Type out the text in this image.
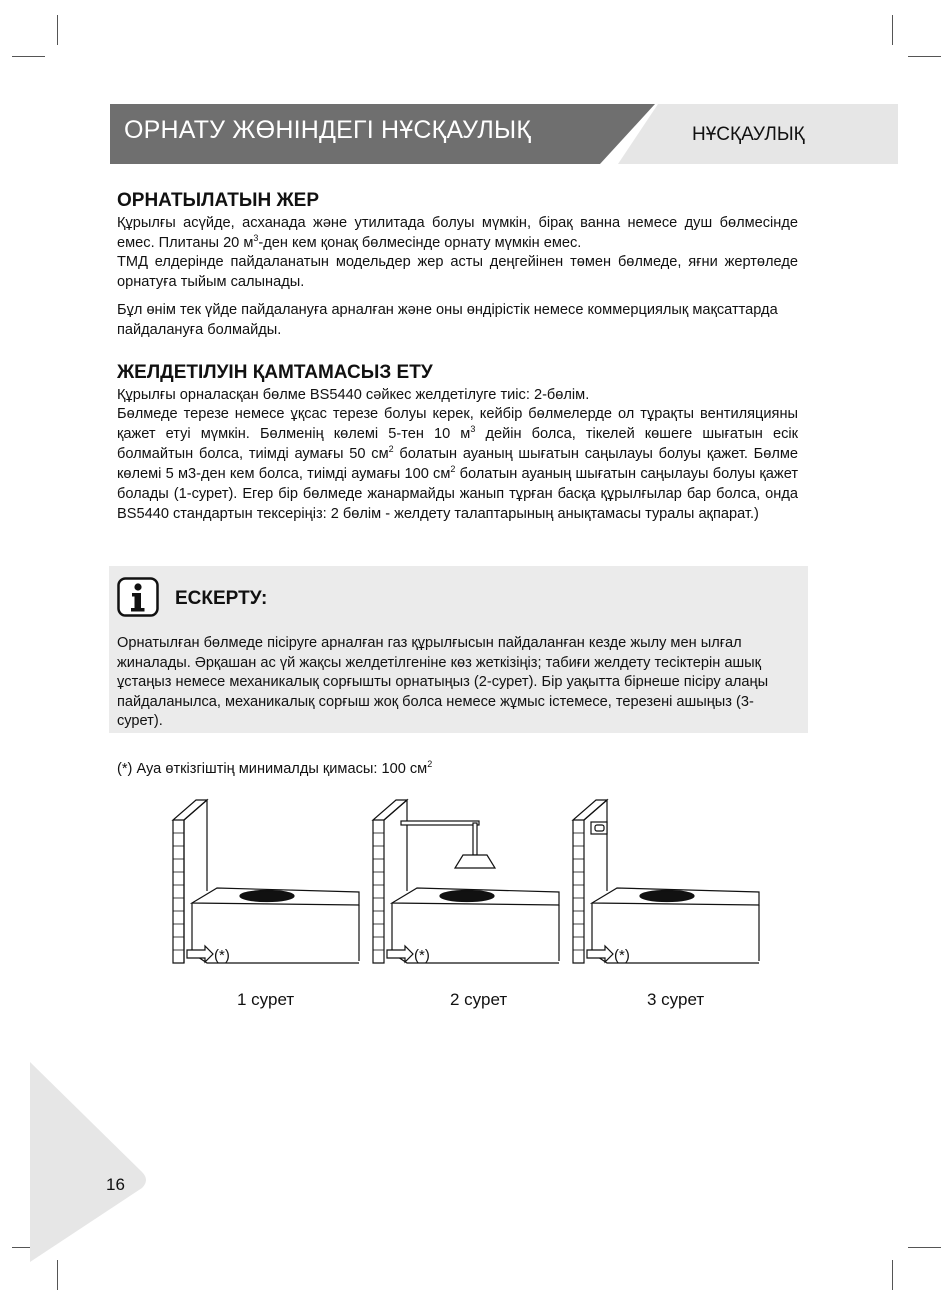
ОРНАТУ ЖӨНІНДЕГІ НҰСҚАУЛЫҚ	НҰСҚАУЛЫҚ
ОРНАТЫЛАТЫН ЖЕР

Құрылғы асүйде, асханада және утилитада болуы мүмкін, бірақ ванна немесе душ бөлмесінде емес. Плитаны 20 $м^3$-ден кем қонақ бөлмесінде орнату мүмкін емес.

ТМД елдерінде пайдаланатын модельдер жер асты деңгейінен төмен бөлмеде, яғни жертөледе орнатуға тыйым салынады.

Бұл өнім тек үйде пайдалануға арналған және оны өндірістік немесе коммерциялық мақсаттарда пайдалануға болмайды.

ЖЕЛДЕТІЛУІН ҚАМТАМАСЫЗ ЕТУ

Құрылғы орналасқан бөлме BS5440 сәйкес желдетілуге тиіс: 2-бөлім.

Бөлмеде терезе немесе ұқсас терезе болуы керек, кейбір бөлмелерде ол тұрақты вентиляцияны қажет етуі мүмкін. Бөлменің көлемі 5-тен 10 $м^3$ дейін болса, тікелей көшеге шығатын есік болмайтын болса, тиімді аумағы 50 $см^2$ болатын ауаның шығатын саңылауы болуы қажет. Бөлме көлемі 5 м3-ден кем болса, тиімді аумағы 100 $см^2$ болатын ауаның шығатын саңылауы болуы қажет болады (1-сурет). Егер бір бөлмеде жанармайды жанып тұрған басқа құрылғылар бар болса, онда BS5440 стандартын тексеріңіз: 2 бөлім - желдету талаптарының анықтамасы туралы ақпарат.)

ЕСКЕРТУ:

Орнатылған бөлмеде пісіруге арналған газ құрылғысын пайдаланған кезде жылу мен ылғал жиналады. Әрқашан ас үй жақсы желдетілгеніне көз жеткізіңіз; табиғи желдету тесіктерін ашық ұстаңыз немесе механикалық сорғышты орнатыңыз (2-сурет). Бір уақытта бірнеше пісіру алаңы пайдаланылса, механикалық сорғыш жоқ болса немесе жұмыс істемесе, терезені ашыңыз (3-сурет).

(*) Ауа өткізгіштің минималды қимасы: 100 $см^2$
(*)	(*)	(*)
1 сурет	2 сурет	3 сурет
16
